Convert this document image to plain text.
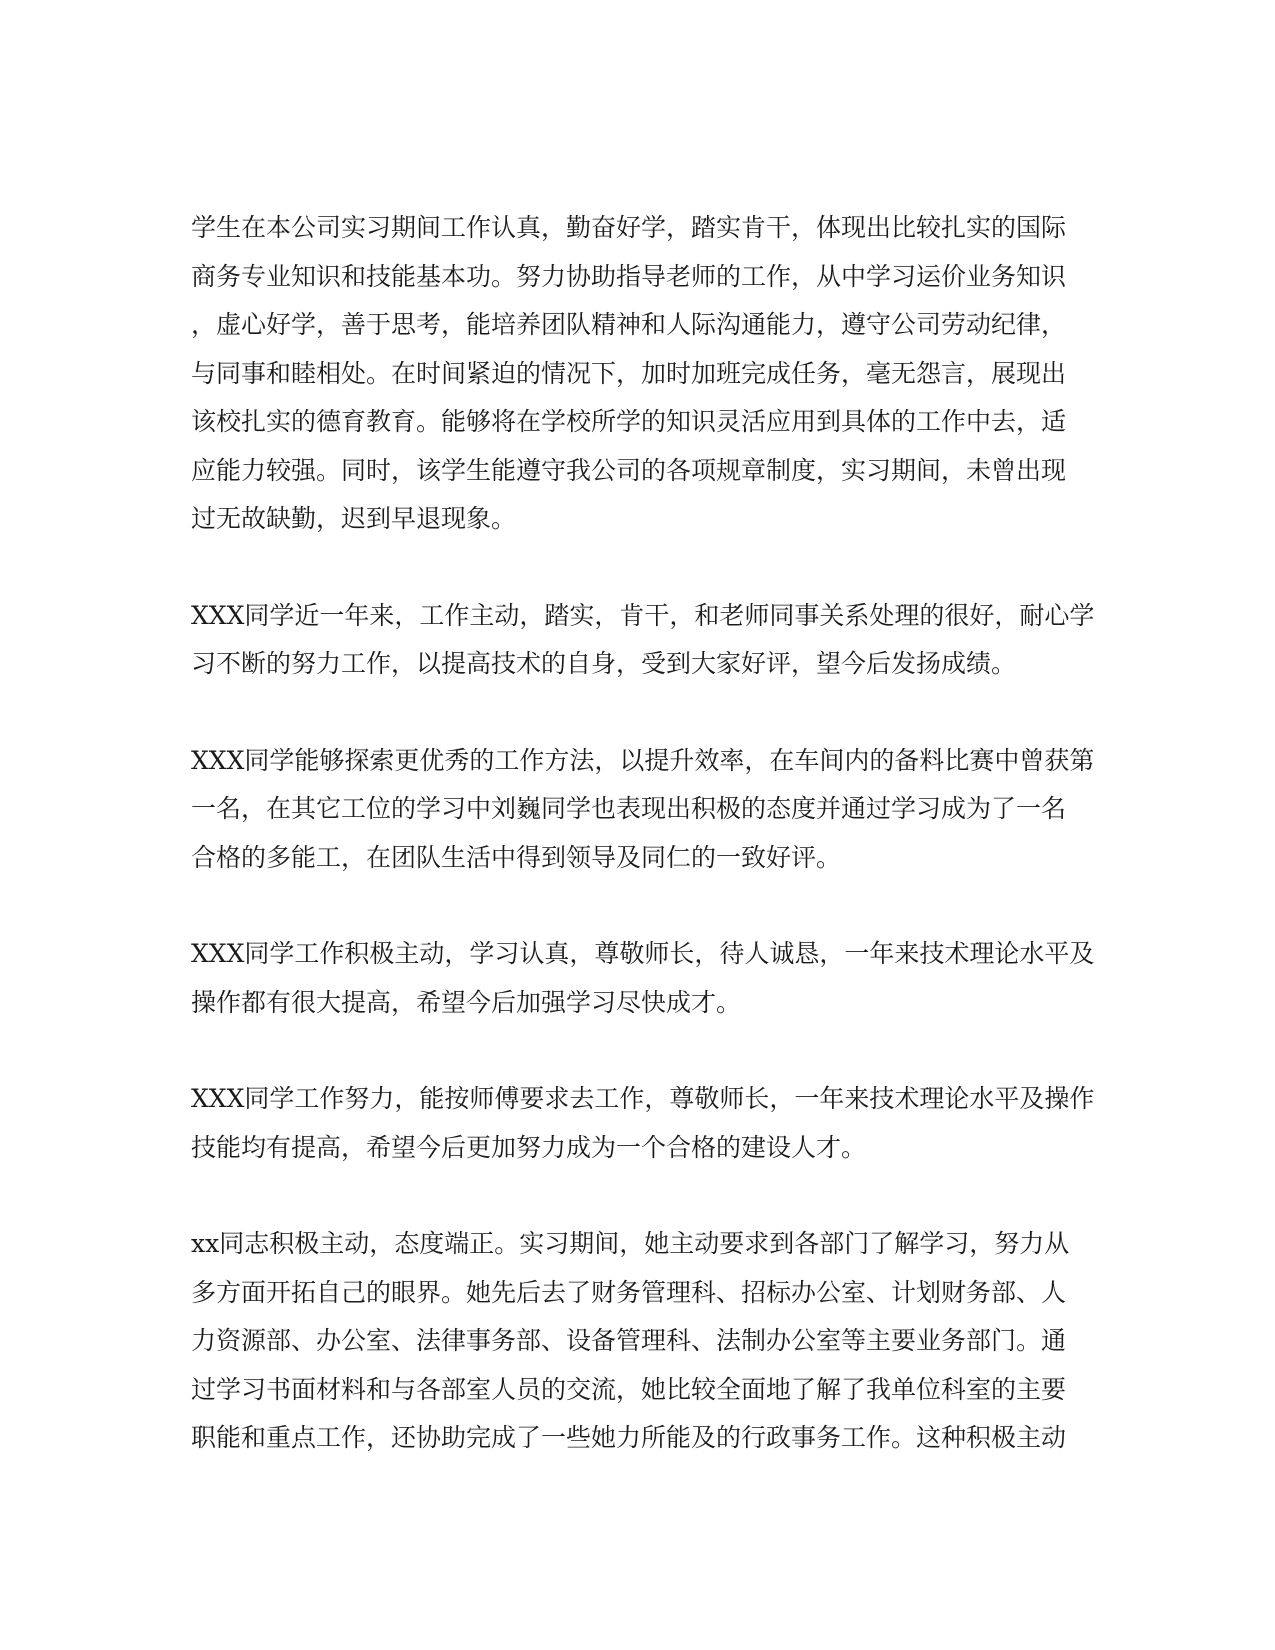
学生在本公司实习期间工作认真，勤奋好学，踏实肯干，体现出比较扎实的国际
商务专业知识和技能基本功。努力协助指导老师的工作，从中学习运价业务知识
，虚心好学，善于思考，能培养团队精神和人际沟通能力，遵守公司劳动纪律，
与同事和睦相处。在时间紧迫的情况下，加时加班完成任务，毫无怨言，展现出
该校扎实的德育教育。能够将在学校所学的知识灵活应用到具体的工作中去，适
应能力较强。同时，该学生能遵守我公司的各项规章制度，实习期间，未曾出现
过无故缺勤，迟到早退现象。

XXX同学近一年来，工作主动，踏实，肯干，和老师同事关系处理的很好，耐心学
习不断的努力工作，以提高技术的自身，受到大家好评，望今后发扬成绩。

XXX同学能够探索更优秀的工作方法，以提升效率，在车间内的备料比赛中曾获第
一名，在其它工位的学习中刘巍同学也表现出积极的态度并通过学习成为了一名
合格的多能工，在团队生活中得到领导及同仁的一致好评。

XXX同学工作积极主动，学习认真，尊敬师长，待人诚恳，一年来技术理论水平及
操作都有很大提高，希望今后加强学习尽快成才。

XXX同学工作努力，能按师傅要求去工作，尊敬师长，一年来技术理论水平及操作
技能均有提高，希望今后更加努力成为一个合格的建设人才。

xx同志积极主动，态度端正。实习期间，她主动要求到各部门了解学习，努力从
多方面开拓自己的眼界。她先后去了财务管理科、招标办公室、计划财务部、人
力资源部、办公室、法律事务部、设备管理科、法制办公室等主要业务部门。通
过学习书面材料和与各部室人员的交流，她比较全面地了解了我单位科室的主要
职能和重点工作，还协助完成了一些她力所能及的行政事务工作。这种积极主动
